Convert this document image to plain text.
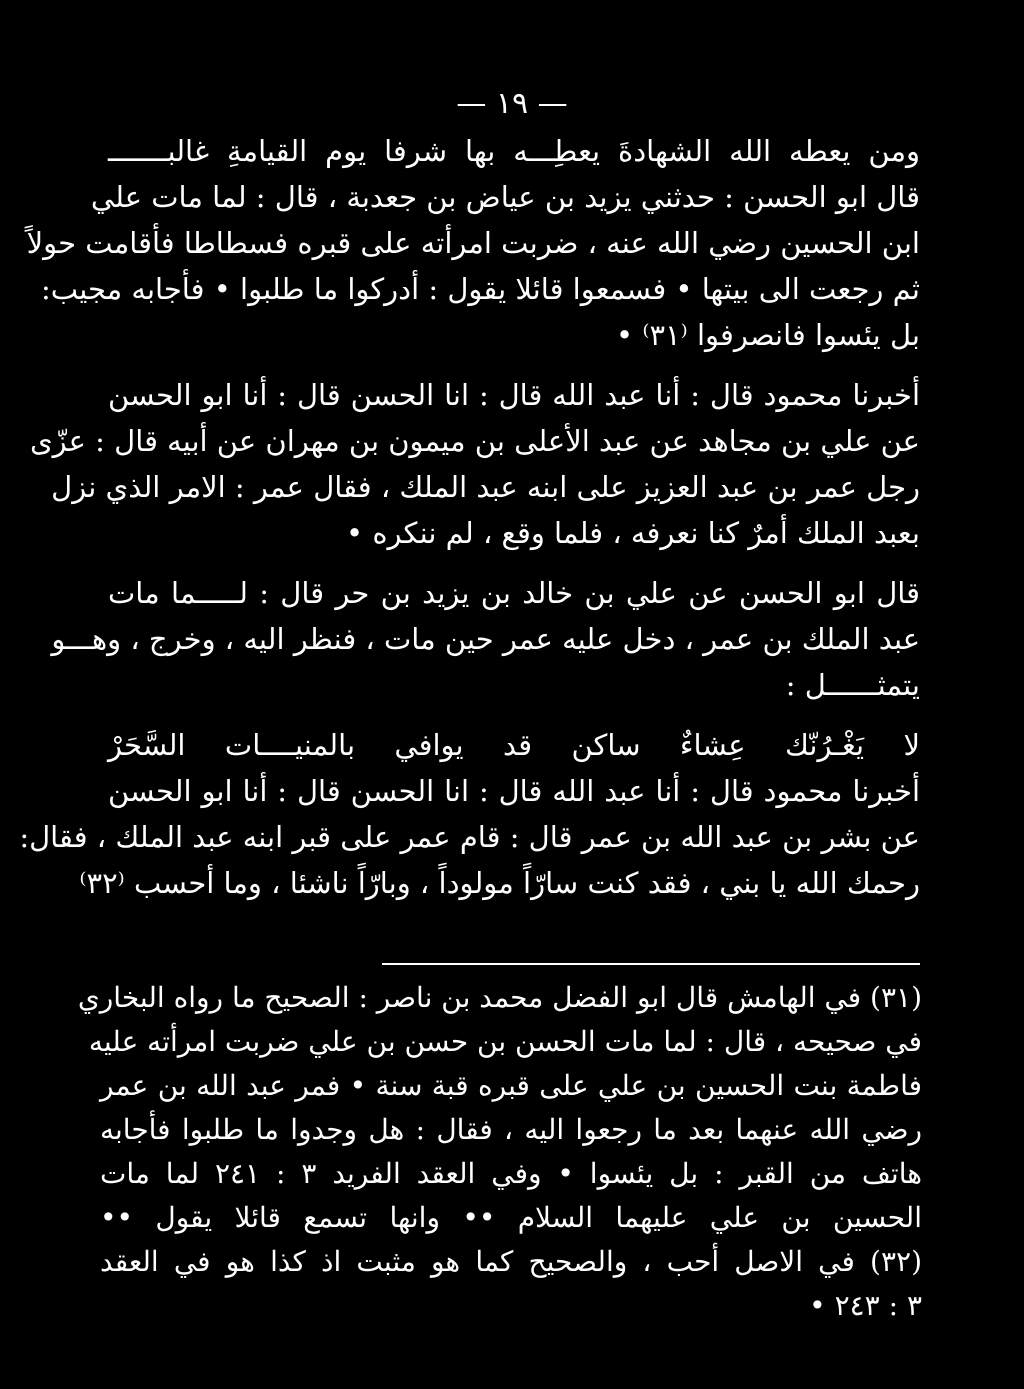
— ١٩ —
ومن يعطه الله الشهادةَ يعطِـــه بها شرفا يوم القيامةِ غالبـــــــ
قال ابو الحسن : حدثني يزيد بن عياض بن جعدبة ، قال : لما مات علي
ابن الحسين رضي الله عنه ، ضربت امرأته على قبره فسطاطا فأقامت حولاً
ثم رجعت الى بيتها • فسمعوا قائلا يقول : أدركوا ما طلبوا • فأجابه مجيب:
بل يئسوا فانصرفوا ⁽٣١⁾ •
أخبرنا محمود قال : أنا عبد الله قال : انا الحسن قال : أنا ابو الحسن
عن علي بن مجاهد عن عبد الأعلى بن ميمون بن مهران عن أبيه قال : عزّى
رجل عمر بن عبد العزيز على ابنه عبد الملك ، فقال عمر : الامر الذي نزل
بعبد الملك أمرٌ كنا نعرفه ، فلما وقع ، لم ننكره •
قال ابو الحسن عن علي بن خالد بن يزيد بن حر قال : لـــــما مات
عبد الملك بن عمر ، دخل عليه عمر حين مات ، فنظر اليه ، وخرج ، وهـــو
يتمثــــــل :
لا يَغْـرُنّك عِشاءٌ ساكن قد يوافي بالمنيــــات السَّحَرْ
أخبرنا محمود قال : أنا عبد الله قال : انا الحسن قال : أنا ابو الحسن
عن بشر بن عبد الله بن عمر قال : قام عمر على قبر ابنه عبد الملك ، فقال:
رحمك الله يا بني ، فقد كنت سارّاً مولوداً ، وبارّاً ناشئا ، وما أحسب ⁽٣٢⁾
(٣١) في الهامش قال ابو الفضل محمد بن ناصر : الصحيح ما رواه البخاري
في صحيحه ، قال : لما مات الحسن بن حسن بن علي ضربت امرأته عليه
فاطمة بنت الحسين بن علي على قبره قبة سنة • فمر عبد الله بن عمر
رضي الله عنهما بعد ما رجعوا اليه ، فقال : هل وجدوا ما طلبوا فأجابه
هاتف من القبر : بل يئسوا • وفي العقد الفريد ٣ : ٢٤١ لما مات
الحسين بن علي عليهما السلام •• وانها تسمع قائلا يقول ••
(٣٢) في الاصل أحب ، والصحيح كما هو مثبت اذ كذا هو في العقد
٣ : ٢٤٣ •
